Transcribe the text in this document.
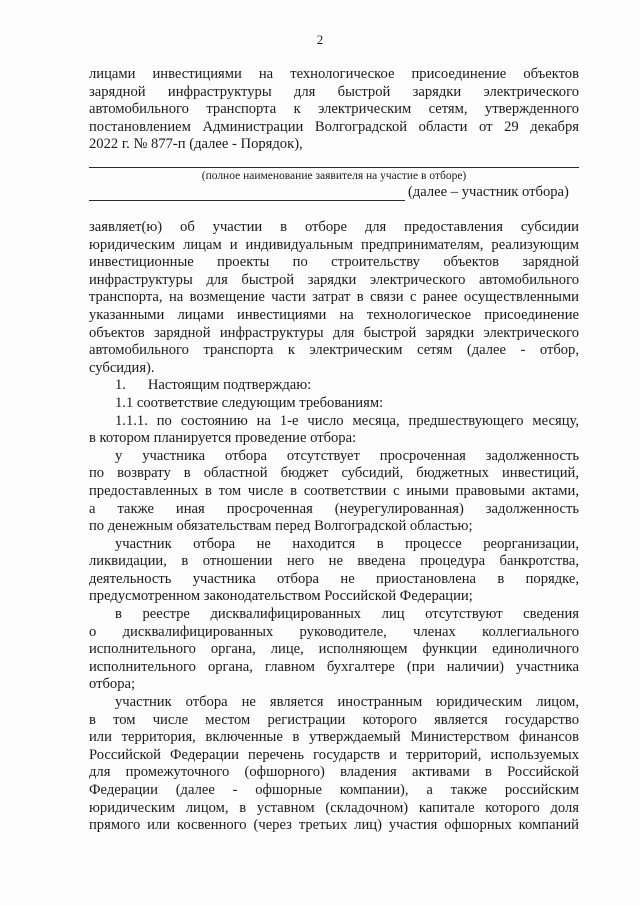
2
лицами инвестициями на технологическое присоединение объектов
зарядной инфраструктуры для быстрой зарядки электрического
автомобильного транспорта к электрическим сетям, утвержденного
постановлением Администрации Волгоградской области от 29 декабря
2022 г. № 877-п (далее - Порядок),
(полное наименование заявителя на участие в отборе)
(далее – участник отбора)
заявляет(ю) об участии в отборе для предоставления субсидии
юридическим лицам и индивидуальным предпринимателям, реализующим
инвестиционные проекты по строительству объектов зарядной
инфраструктуры для быстрой зарядки электрического автомобильного
транспорта, на возмещение части затрат в связи с ранее осуществленными
указанными лицами инвестициями на технологическое присоединение
объектов зарядной инфраструктуры для быстрой зарядки электрического
автомобильного транспорта к электрическим сетям (далее - отбор,
субсидия).
1.      Настоящим подтверждаю:
1.1 соответствие следующим требованиям:
1.1.1. по состоянию на 1-е число месяца, предшествующего месяцу,
в котором планируется проведение отбора:
у участника отбора отсутствует просроченная задолженность
по возврату в областной бюджет субсидий, бюджетных инвестиций,
предоставленных в том числе в соответствии с иными правовыми актами,
а также иная просроченная (неурегулированная) задолженность
по денежным обязательствам перед Волгоградской областью;
участник отбора не находится в процессе реорганизации,
ликвидации, в отношении него не введена процедура банкротства,
деятельность участника отбора не приостановлена в порядке,
предусмотренном законодательством Российской Федерации;
в реестре дисквалифицированных лиц отсутствуют сведения
о дисквалифицированных руководителе, членах коллегиального
исполнительного органа, лице, исполняющем функции единоличного
исполнительного органа, главном бухгалтере (при наличии) участника
отбора;
участник отбора не является иностранным юридическим лицом,
в том числе местом регистрации которого является государство
или территория, включенные в утверждаемый Министерством финансов
Российской Федерации перечень государств и территорий, используемых
для промежуточного (офшорного) владения активами в Российской
Федерации (далее - офшорные компании), а также российским
юридическим лицом, в уставном (складочном) капитале которого доля
прямого или косвенного (через третьих лиц) участия офшорных компаний
